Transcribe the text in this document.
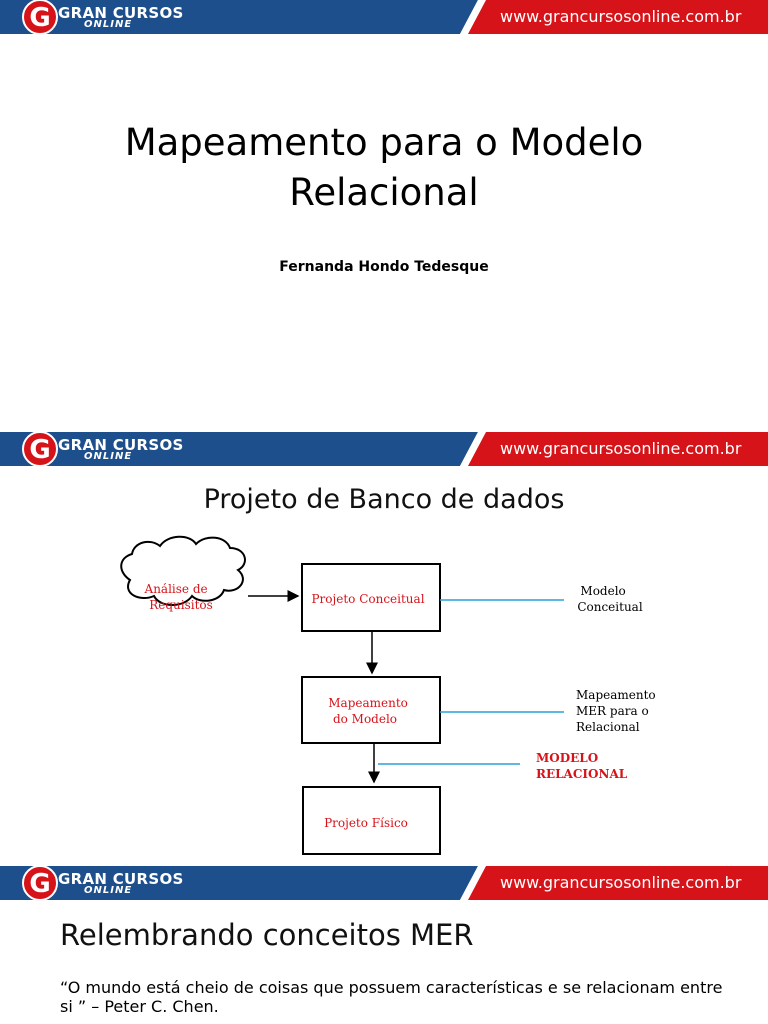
G GRAN CURSOS
ONLINE	www.grancursosonline.com.br
Mapeamento para o Modelo
Relacional
Fernanda Hondo Tedesque
G GRAN CURSOS
ONLINE	www.grancursosonline.com.br
Projeto de Banco de dados
Análise de Requisitos	Projeto Conceitual
Modelo Conceitual
Mapeamento do Modelo
Mapeamento MER para o Relacional
MODELO RELACIONAL
Projeto Físico
G GRAN CURSOS
ONLINE	www.grancursosonline.com.br
Relembrando conceitos MER
“O mundo está cheio de coisas que possuem características e se relacionam entre si ” – Peter C. Chen.
